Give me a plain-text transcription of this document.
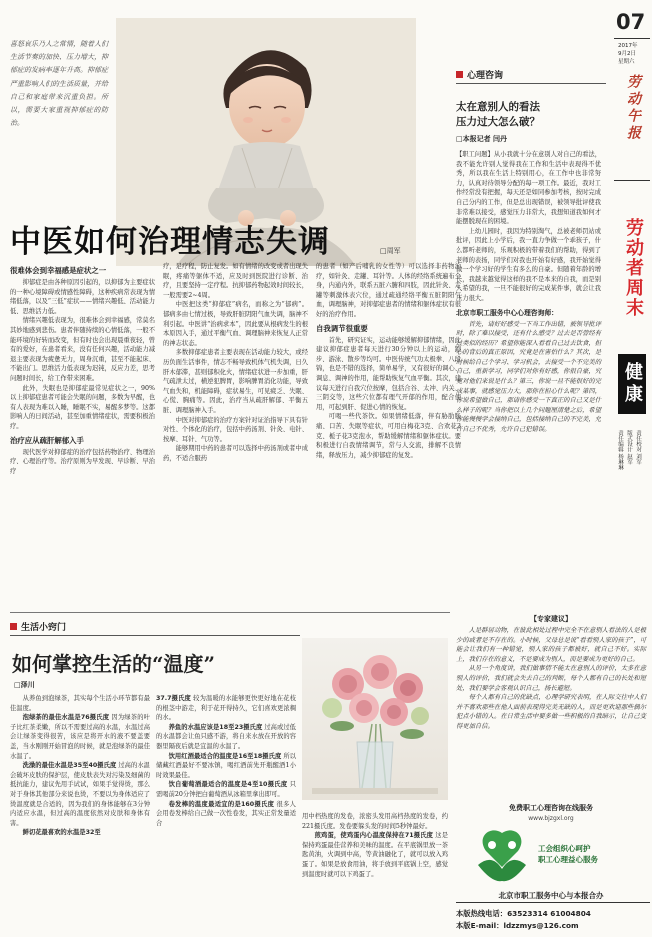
喜怒哀乐乃人之常情，随着人们生活节奏的加快、压力增大，抑郁症的发病率逐年升高。抑郁症严重影响人们的生活质量，并给自己和家庭带来沉重负担。所以，需要大家重视抑郁症的防治。
中医如何治理情志失调	□周军
很难体会到幸福感是症状之一

抑郁症是由各种原因引起的，以抑郁为主要症状的一种心境障碍或情感性障碍，这种疾病常表现为情绪低落，以及“三低”症状——情绪兴趣低、活动能力低、思维活力低。

情绪兴趣低表现为，很难体会到幸福感，常莫名其妙地感到悲伤。患者伴随持续的心情低落，一般不能环境的好转而改变，但有时也会出现晨重夜轻，曾有的爱好，在患者看来，没有任何兴趣，活动能力减退主要表现为疲惫无力，周身沉重，甚至不能起床、不能出门。思维活力低表现为迟钝，反应力差，思考问题时间长，给工作带来困难。

此外，失眠也是抑郁症最常见症状之一，90%以上抑郁症患者可能会失眠的问题，多数为早醒，也有人表现为难以入睡，睡眠不实，易醒多梦等。这都影响人的日间活动，甚至加重情绪症状，需要积极治疗。

治疗应从疏肝解郁入手

现代医学对抑郁症的治疗包括药物治疗、物理治疗、心理治疗等。治疗原则为早发现、早诊断、早治疗

疗，足疗程，防止复发。如有情绪的改变或者出现失眠，疼痛等躯体不适，应及时到医院进行诊断、治疗，且要坚持一定疗程。抗抑郁药物起效时间较长，一般需要2~4周。

中医把这类“抑郁症”病名，而称之为“郁病”。郁病多由七情过极，导致肝脏阴阳气血失调，脑神不利引起。中医讲“治病求本”，因此要从根病发生的根本原因入手，通过平衡气血、调理脑神来恢复人正常的神志状态。

多数抑郁症患者主要表现在活动能力较大，或经历负面生活事件，情志不畅导致机体气机失调，日久肝木郁滞，甚则郁积化火，情绪症状进一步加重，肝气疏泄太过，横逆犯脾胃，影响脾胃消化功能，导致气血失和，机能障碍，症状易生，可见疲乏、失眠、心慌、胸痛等。因此，治疗当从疏肝解郁、平衡五脏、调理脑神入手。

中医对抑郁症的治疗方案针对证治指导下具有针对性、个体化的治疗，包括中药汤剂、针灸、电针、按摩、耳针、气功等。

能够期用中药的患者可以选择中药汤剂或者中成药，不适合服药

的患者（如产后哺乳的女性等）可以选择非药物治疗，如针灸、走罐、耳针等。人体的经络系统遍布全身，内通内外，联系五脏六腑和四肢，因此针灸、走罐等刺激体表穴位，通过疏通经络平衡五脏阴阳气血，调理脑神，对抑郁症患者的情绪和躯体症状有很好的治疗作用。

自我调节很重要

首先，研究证实，运动能够缓解抑郁情绪，因此建议抑郁症患者每天进行30分钟以上的运动，跑步、游泳、散步等均可。中医传统气功太极拳、八段锦，也是不错的选择，简单易学，又有很好的调心、调息、调神的作用，能帮助恢复气血平衡。其次，建议每天进行自我穴位按摩，包括合谷、太冲、内关、三阴交等，这些穴位都有理气开郁的作用，配合使用，可起到肝、促进心情的恢复。

可喝一些代茶饮。如果情绪低落，伴有胁肋胀痛、口苦、失眠等症状，可用白梅花3克、合欢花3克、栀子花3克泡水，帮助缓解情绪和躯体症状。要积极进行自我情绪调节，常与人交流，排解不良情绪，释放压力，减少抑郁症的复发。

心理咨询
太在意别人的看法
压力过大怎么破？
□本报记者 闫丹

【职工问题】从小我就十分在意别人对自己的看法，我不能允许别人觉得我在工作和生活中表现得不优秀，所以我在生活上特别用心，在工作中也非常努力，认真对待领导分配的每一项工作。最近，我对工作经常没有把握，每天还是如同参加考核，按时完成自己分内的工作，但是总出现错误，被领导批评使我非常难以接受，感觉压力非常大，我想知道我如何才能摆脱现在的困境。

上幼儿园时，我因为特别淘气，总被老师罚站或批评，因此上小学后，我一直力争做一个乖孩子，什么都听老师的，乐观积极的带着我们的帮助，得到了老师的表扬，同学们对我也开始有好感，我开始觉得做一个学习好的学生有多么的自豪。但随着年龄的增长，我越来越觉得这样的我不是本来的自我，而是别人希望的我，一旦不能很好的完成某件事，就会让我压力很大。

北京市职工服务中心心理咨询师：

首先，请好好感受一下当工作出错，被领导批评时，除了难以接受，还有什么感受？过去是否曾经有过类似的经历？希望你能深入看看自己过去饮食，担心的背后的真正原因，究竟是在害怕什么？其次，是时候给自己个学习、学习机会，去接受一个不完美的自己，重新学习，同学们对你有好感，你很自豪，究竟对他们来说是什么？第三，你说一旦不能很好的完成某事，就感觉压力大，那你在担心什么呢？第四，你说希望做自己，那请你感受一下真正的自己又是什么样子的呢？当你把以上几个问题厘清楚之后，希望你能慢慢学会接纳自己，包括接纳自己的不完美，允许自己不优秀，允许自己犯错误。

07
2017年
9月2日
星期六
劳动午报
劳动者周末
健康
责任编辑 杨琳琳
版式设计 赵军
责任校对 刘军
生活小窍门
如何掌控生活的“温度”
□泽川

从养鱼到泡绿茶，其实每个生活小环节都有最佳温度。

泡绿茶的最佳水温是76摄氏度 因为绿茶的叶子比红茶柔嫩，所以不需要过高的水温，水温过高会让绿茶变得很苦，该应是将开水的液不要盖要盖，当水刚刚开始冒泡的时候，就是泡绿茶的最佳水温了。

洗澡的最佳水温是35至40摄氏度 过高的水温会破坏皮肤的保护层，使皮肤表失对污染及细菌的抵抗能力，建议先用手试试，如果手觉得烫，那么对于身体其他部分来说也烫，不要以为身体适应了烫温度就是合适的，因为我们的身体能够在3分钟内适应水温，但过高的温度依然对皮肤和身体有害。

鲜切花最喜欢的水温是32至

37.7摄氏度 较为温暖的水能够更快更好地在花枝的根茎中游走，利于花开得持久，它们喜欢更浓稠的水。

养鱼的水温应该是18至23摄氏度 过高或过低的水温都会让鱼只感不游，将自来水放在开放的容器里隔夜后就是宜温的水温了。

饮用红酒最适合的温度是16至18摄氏度 所以储藏红酒最好不要冰镇，喝红酒前先开瓶醒酒1小时效果最佳。

饮自葡萄酒最适合的温度是4至10摄氏度 只需喝前20分钟把白葡萄酒从冰箱里拿出即可。

卷发棒的温度最适宜的是160摄氏度 很多人会用卷发棒给自己做一次性卷发，其实正常发量适合

用中档热度的发卷，浓密头发用高档热度的发卷，约221摄氏度。发卷要躲头发的时间5秒钟最好。

煎鸡蛋，使鸡蛋内心温度保持在71摄氏度 这是保持鸡蛋最佳营养和美味的温度。在平底锅里放一茶匙黄油，火调到中高，等黄油融化了，就可以放入鸡蛋了。如果是放食用油，将手放到平底锅上空，感觉到温度时就可以下鸡蛋了。

【专家建议】

人是群居动物，在彼此相处过程中完全不在意别人看法的人是极少的或者是不存在的。小时候，父母总是说“看看别人家的孩子”，可能会让我们有一种错觉，别人家的孩子都被好，就自己不好。实际上，我们存在的意义，不是要成为别人，而是要成为更好的自己。

从另一个角度讲，我们做事情不能太在意别人的评价，太多在意别人的评价，我们就会失去自己的判断，每个人都有自己的长处和短处，我们要学会客观认识自己，扬长避短。

每个人都有自己的优缺点，心理学研究表明，在人际交往中人们并不喜欢那些在他人面前表现得完美无缺的人，而是更欢迎那些偶尔犯点小错的人。在日常生活中要多做一些积极的自我暗示，让自己变得更加自信。

免费职工心理咨询在线服务
www.bjzgxl.org
工会组织心呵护
职工心理益心服务
北京市职工服务中心与本报合办
本版热线电话：63523314 61004804
本版E-mail：ldzzmys@126.com
